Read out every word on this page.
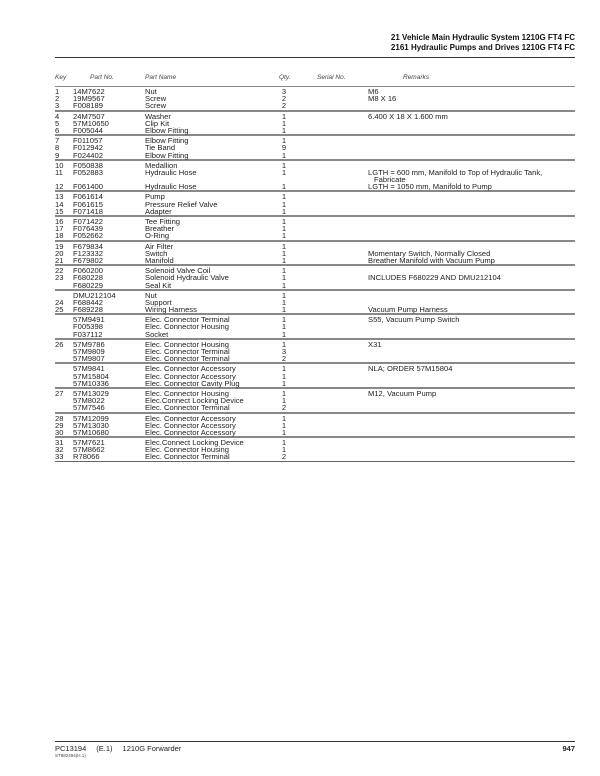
21 Vehicle Main Hydraulic System 1210G FT4 FC
2161 Hydraulic Pumps and Drives 1210G FT4 FC
Key	Part No.	Part Name	Qty.	Serial No.	Remarks
1 14M7622	Nut	3	M6
2 19M9567	Screw	2	M8 X 16
3 F008189	Screw	2
4 24M7507	Washer	1	6.400 X 18 X 1.600 mm
5 57M10650	Clip Kit	1
6 F005044	Elbow Fitting	1
7 F011057	Elbow Fitting	1
8 F012942	Tie Band	9
9 F024402	Elbow Fitting	1
10 F050838	Medallion	1
11 F052883	Hydraulic Hose	1	LGTH = 600 mm, Manifold to Top of Hydraulic Tank,
Fabricate
12 F061400	Hydraulic Hose	1	LGTH = 1050 mm, Manifold to Pump
13 F061614	Pump	1
14 F061615	Pressure Relief Valve	1
15 F071418	Adapter	1
16 F071422	Tee Fitting	1
17 F076439	Breather	1
18 F052662	O-Ring	1
19 F679834	Air Filter	1
20 F123332	Switch	1	Momentary Switch, Normally Closed
21 F679802	Manifold	1	Breather Manifold with Vacuum Pump
22 F060200	Solenoid Valve Coil	1
23 F680228	Solenoid Hydraulic Valve	1	INCLUDES F680229 AND DMU212104
F680229	Seal Kit	1
DMU212104	Nut	1
24 F688442	Support	1
25 F689228	Wiring Harness	1	Vacuum Pump Harness
57M9491	Elec. Connector Terminal	1	S55, Vacuum Pump Switch
F005398	Elec. Connector Housing	1
F037112	Socket	1
26 57M9786	Elec. Connector Housing	1	X31
57M9809	Elec. Connector Terminal	3
57M9807	Elec. Connector Terminal	2
57M9841	Elec. Connector Accessory	1	NLA; ORDER 57M15804
57M15804	Elec. Connector Accessory	1
57M10336	Elec. Connector Cavity Plug	1
27 57M13029	Elec. Connector Housing	1	M12, Vacuum Pump
57M8022	Elec.Connect Locking Device	1
57M7546	Elec. Connector Terminal	2
28 57M12099	Elec. Connector Accessory	1
29 57M13030	Elec. Connector Accessory	1
30 57M10680	Elec. Connector Accessory	1
31 57M7621	Elec.Connect Locking Device	1
32 57M8662	Elec. Connector Housing	1
33 R78066	Elec. Connector Terminal	2
PC13194 (E.1) 1210G Forwarder
ST882494(H.1)
947
